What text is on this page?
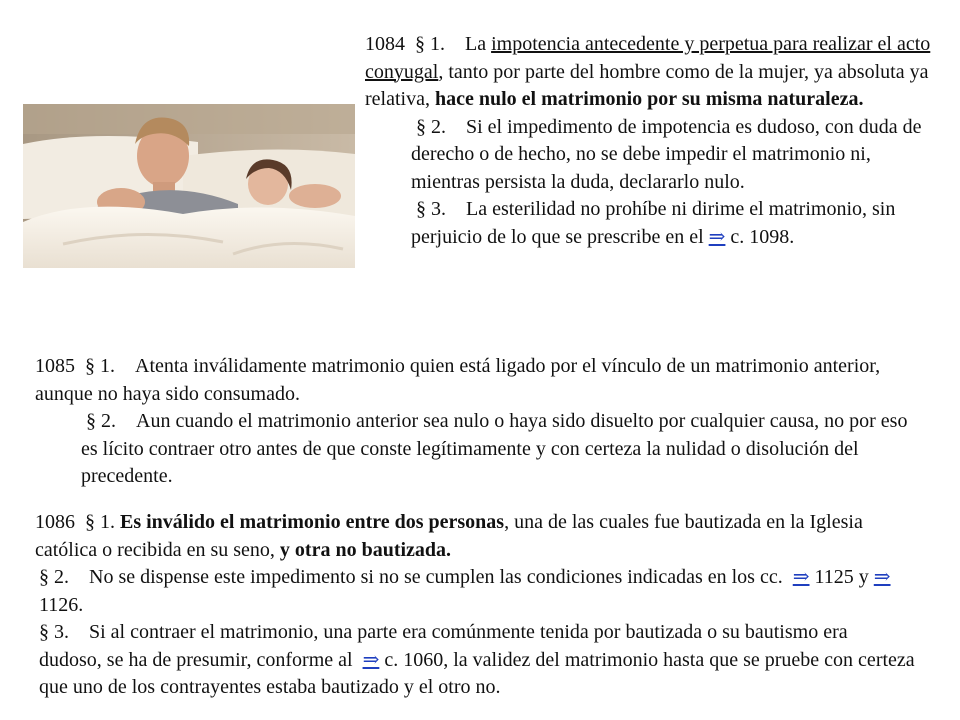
1084 § 1. La impotencia antecedente y perpetua para realizar el acto conyugal, tanto por parte del hombre como de la mujer, ya absoluta ya relativa, hace nulo el matrimonio por su misma naturaleza.

§ 2. Si el impedimento de impotencia es dudoso, con duda de derecho o de hecho, no se debe impedir el matrimonio ni, mientras persista la duda, declararlo nulo.

§ 3. La esterilidad no prohíbe ni dirime el matrimonio, sin perjuicio de lo que se prescribe en el ⇒ c. 1098.

1085 § 1. Atenta inválidamente matrimonio quien está ligado por el vínculo de un matrimonio anterior, aunque no haya sido consumado.

§ 2. Aun cuando el matrimonio anterior sea nulo o haya sido disuelto por cualquier causa, no por eso es lícito contraer otro antes de que conste legítimamente y con certeza la nulidad o disolución del precedente.

1086 § 1. Es inválido el matrimonio entre dos personas, una de las cuales fue bautizada en la Iglesia católica o recibida en su seno, y otra no bautizada.

§ 2. No se dispense este impedimento si no se cumplen las condiciones indicadas en los cc. ⇒ 1125 y ⇒ 1126.

§ 3. Si al contraer el matrimonio, una parte era comúnmente tenida por bautizada o su bautismo era dudoso, se ha de presumir, conforme al ⇒ c. 1060, la validez del matrimonio hasta que se pruebe con certeza que uno de los contrayentes estaba bautizado y el otro no.
